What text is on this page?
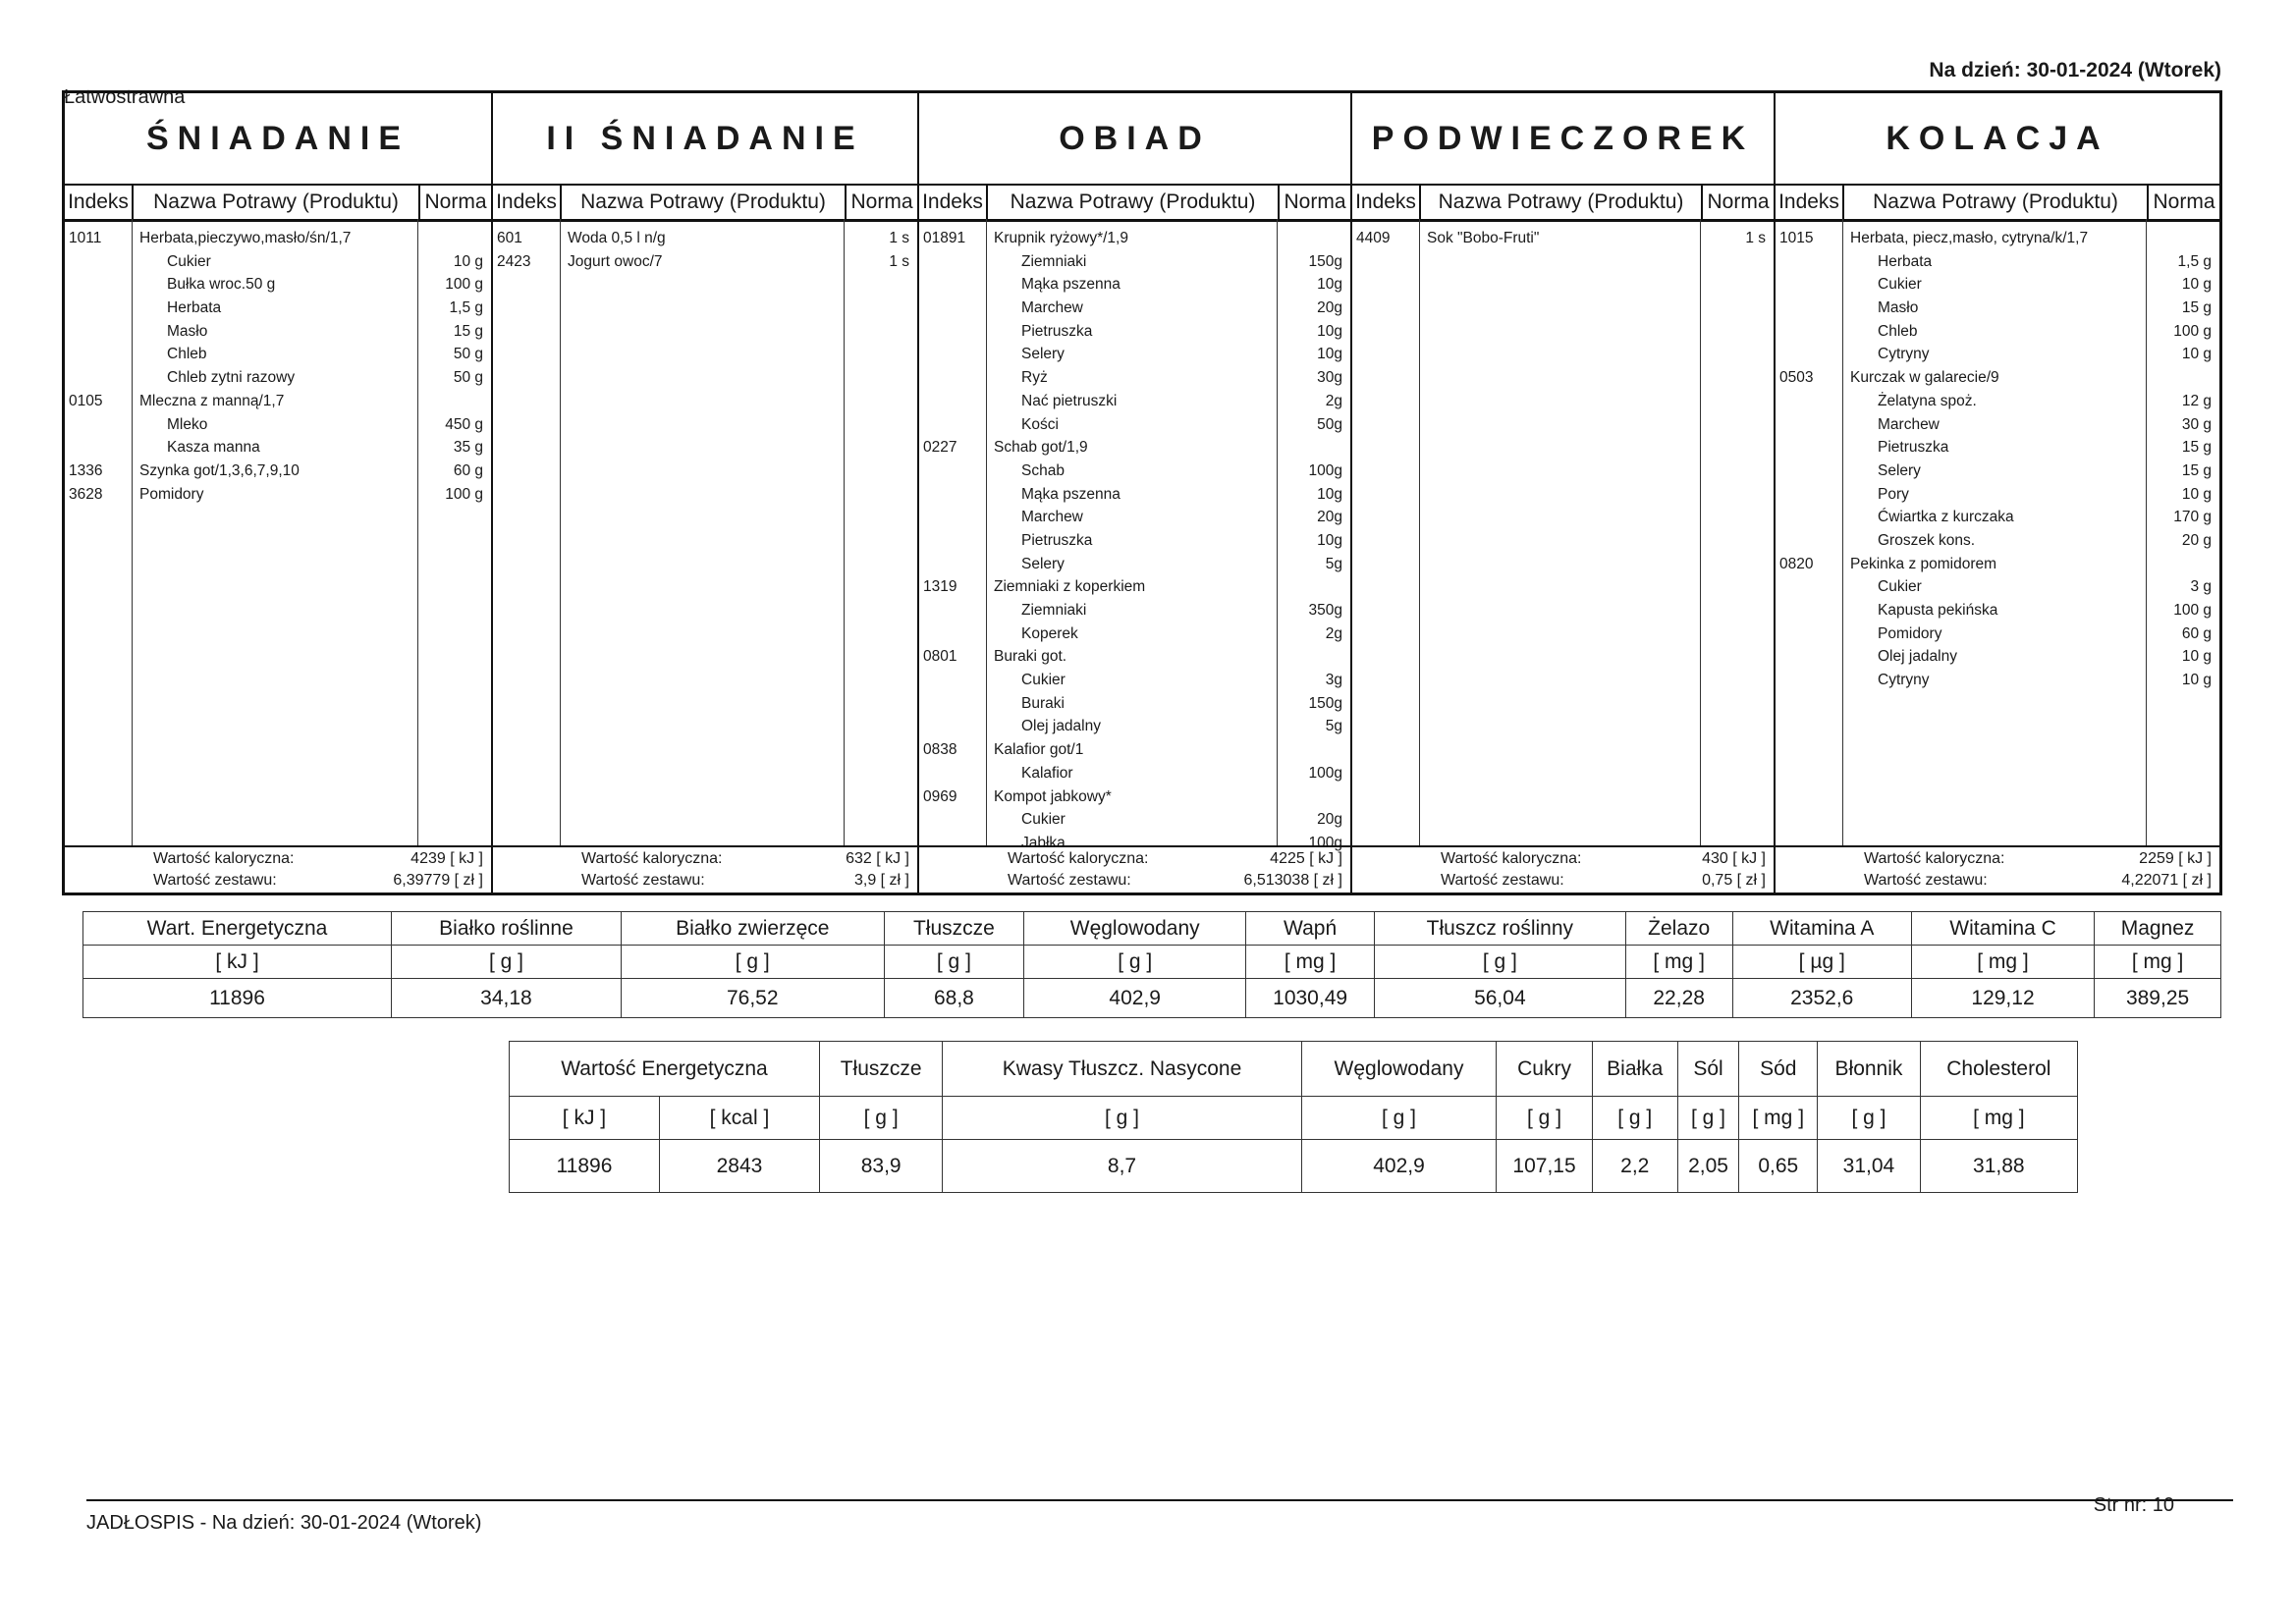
Łatwostrawna
Na dzień: 30-01-2024 (Wtorek)
ŚNIADANIE
Indeks	Nazwa Potrawy (Produktu)	Norma
1011 Herbata,pieczywo,masło/śn/1,7
Cukier	10 g
Bułka wroc.50 g	100 g
Herbata	1,5 g
Masło	15 g
Chleb	50 g
Chleb zytni razowy	50 g
0105 Mleczna z manną/1,7
Mleko	450 g
Kasza manna	35 g
1336 Szynka got/1,3,6,7,9,10	60 g
3628 Pomidory	100 g
Wartość kaloryczna:	4239 [ kJ ]
Wartość zestawu:	6,39779 [ zł ]
II ŚNIADANIE
Indeks	Nazwa Potrawy (Produktu)	Norma
601	Woda 0,5 l n/g	1 s
2423 Jogurt owoc/7	1 s
Wartość kaloryczna:	632 [ kJ ]
Wartość zestawu:	3,9 [ zł ]
OBIAD
Indeks	Nazwa Potrawy (Produktu)	Norma
01891 Krupnik ryżowy*/1,9
Ziemniaki	150g
Mąka pszenna	10g
Marchew	20g
Pietruszka	10g
Selery	10g
Ryż	30g
Nać pietruszki	2g
Kości	50g
0227 Schab got/1,9
Schab	100g
Mąka pszenna	10g
Marchew	20g
Pietruszka	10g
Selery	5g
1319 Ziemniaki z koperkiem
Ziemniaki	350g
Koperek	2g
0801 Buraki got.
Cukier	3g
Buraki	150g
Olej jadalny	5g
0838 Kalafior got/1
Kalafior	100g
0969 Kompot jabkowy*
Cukier	20g
Jabłka	100g
Wartość kaloryczna:	4225 [ kJ ]
Wartość zestawu:	6,513038 [ zł ]
PODWIECZOREK
Indeks	Nazwa Potrawy (Produktu)	Norma
4409 Sok "Bobo-Fruti"	1 s
Wartość kaloryczna:	430 [ kJ ]
Wartość zestawu:	0,75 [ zł ]
KOLACJA
Indeks	Nazwa Potrawy (Produktu)	Norma
1015 Herbata, piecz,masło, cytryna/k/1,7
Herbata	1,5 g
Cukier	10 g
Masło	15 g
Chleb	100 g
Cytryny	10 g
0503 Kurczak w galarecie/9
Żelatyna spoż.	12 g
Marchew	30 g
Pietruszka	15 g
Selery	15 g
Pory	10 g
Ćwiartka z kurczaka	170 g
Groszek kons.	20 g
0820 Pekinka z pomidorem
Cukier	3 g
Kapusta pekińska	100 g
Pomidory	60 g
Olej jadalny	10 g
Cytryny	10 g
Wartość kaloryczna:	2259 [ kJ ]
Wartość zestawu:	4,22071 [ zł ]
Wart. Energetyczna	Białko roślinne	Białko zwierzęce	Tłuszcze	Węglowodany	Wapń	Tłuszcz roślinny	Żelazo	Witamina A	Witamina C	Magnez
[ kJ ]	[ g ]	[ g ]	[ g ]	[ g ]	[ mg ]	[ g ]	[ mg ]	[ µg ]	[ mg ]	[ mg ]
11896	34,18	76,52	68,8	402,9	1030,49	56,04	22,28	2352,6	129,12	389,25
Wartość Energetyczna		Tłuszcze	Kwasy Tłuszcz. Nasycone	Węglowodany	Cukry	Białka	Sól	Sód	Błonnik	Cholesterol
[ kJ ]	[ kcal ]	[ g ]	[ g ]	[ g ]	[ g ]	[ g ]	[ g ]	[ mg ]	[ g ]	[ mg ]
11896	2843	83,9	8,7	402,9	107,15	2,2	2,05	0,65	31,04	31,88
JADŁOSPIS - Na dzień: 30-01-2024 (Wtorek)
Str nr: 10
